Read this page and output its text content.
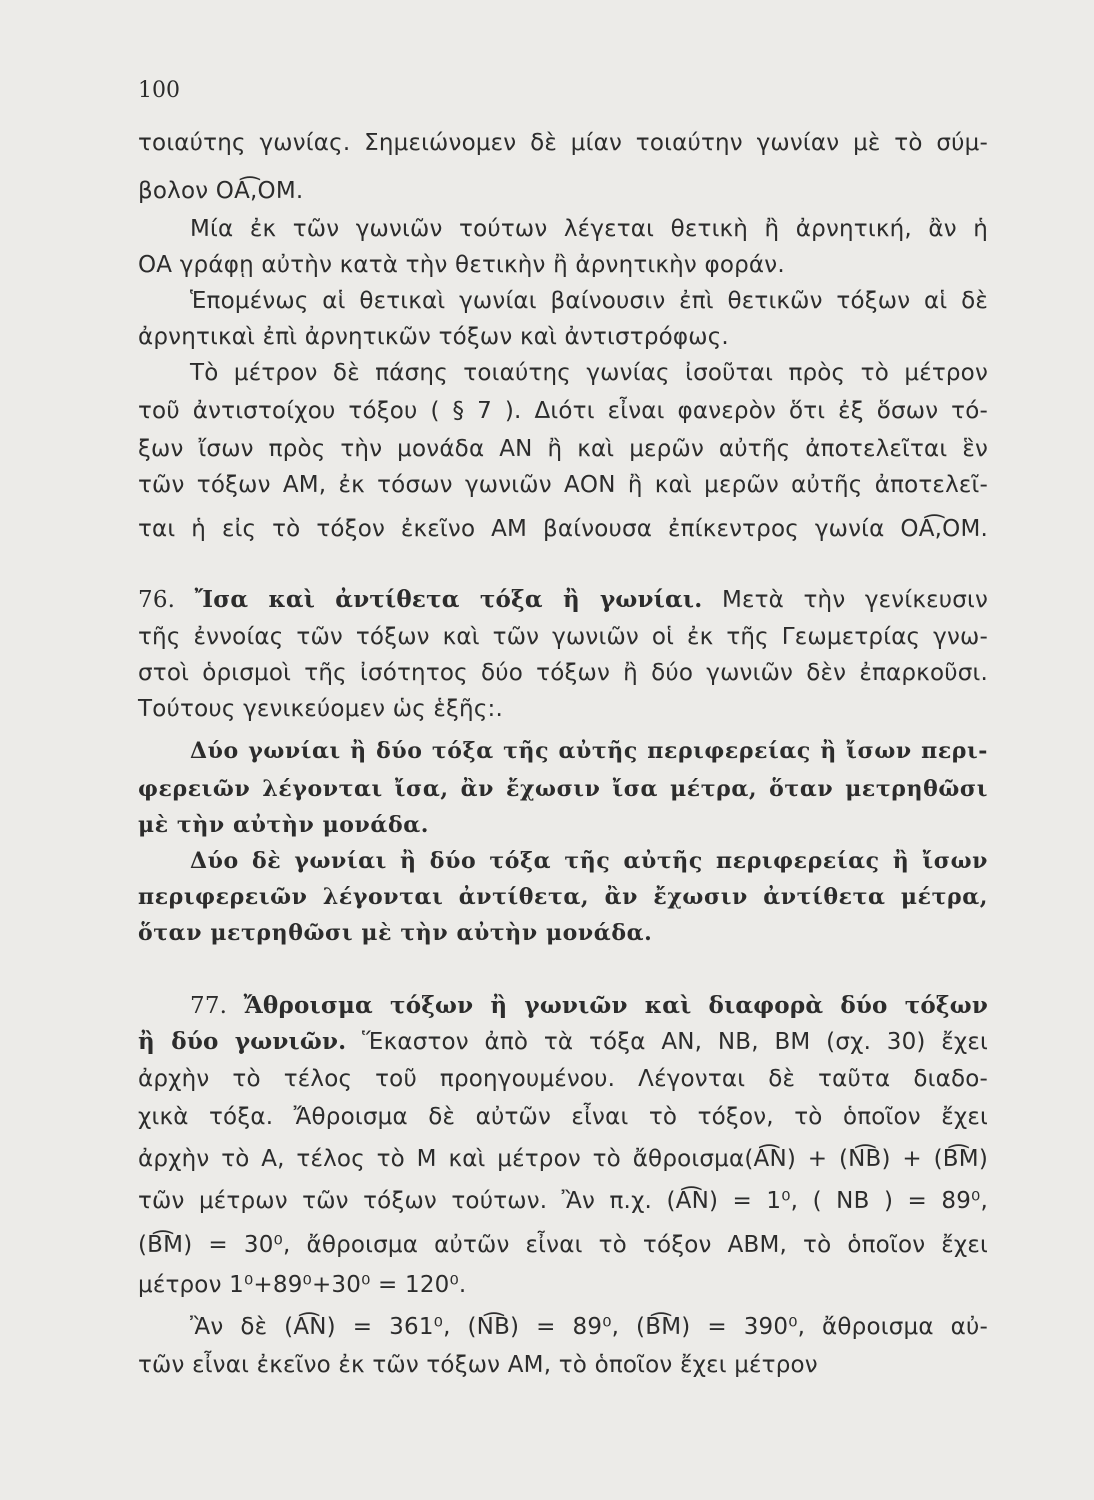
100
τοιαύτης γωνίας. Σημειώνομεν δὲ μίαν τοιαύτην γωνίαν μὲ τὸ σύμ-
βολον ΟΑ͡,ΟΜ.
Μία ἐκ τῶν γωνιῶν τούτων λέγεται θετικὴ ἢ ἀρνητική, ἂν ἡ
ΟΑ γράφῃ αὐτὴν κατὰ τὴν θετικὴν ἢ ἀρνητικὴν φοράν.
Ἑπομένως αἱ θετικαὶ γωνίαι βαίνουσιν ἐπὶ θετικῶν τόξων αἱ δὲ
ἀρνητικαὶ ἐπὶ ἀρνητικῶν τόξων καὶ ἀντιστρόφως.
Τὸ μέτρον δὲ πάσης τοιαύτης γωνίας ἰσοῦται πρὸς τὸ μέτρον
τοῦ ἀντιστοίχου τόξου ( § 7 ). Διότι εἶναι φανερὸν ὅτι ἐξ ὅσων τό-
ξων ἴσων πρὸς τὴν μονάδα ΑΝ ἢ καὶ μερῶν αὐτῆς ἀποτελεῖται ἓν
τῶν τόξων ΑΜ, ἐκ τόσων γωνιῶν ΑΟΝ ἢ καὶ μερῶν αὐτῆς ἀποτελεῖ-
ται ἡ εἰς τὸ τόξον ἐκεῖνο ΑΜ βαίνουσα ἐπίκεντρος γωνία ΟΑ͡,ΟΜ.
76. Ἴσα καὶ ἀντίθετα τόξα ἢ γωνίαι. Μετὰ τὴν γενίκευσιν
τῆς ἐννοίας τῶν τόξων καὶ τῶν γωνιῶν οἱ ἐκ τῆς Γεωμετρίας γνω-
στοὶ ὁρισμοὶ τῆς ἰσότητος δύο τόξων ἢ δύο γωνιῶν δὲν ἐπαρκοῦσι.
Τούτους γενικεύομεν ὡς ἑξῆς:.
Δύο γωνίαι ἢ δύο τόξα τῆς αὐτῆς περιφερείας ἢ ἴσων περι-
φερειῶν λέγονται ἴσα, ἂν ἔχωσιν ἴσα μέτρα, ὅταν μετρηθῶσι
μὲ τὴν αὐτὴν μονάδα.
Δύο δὲ γωνίαι ἢ δύο τόξα τῆς αὐτῆς περιφερείας ἢ ἴσων
περιφερειῶν λέγονται ἀντίθετα, ἂν ἔχωσιν ἀντίθετα μέτρα,
ὅταν μετρηθῶσι μὲ τὴν αὐτὴν μονάδα.
77. Ἄθροισμα τόξων ἢ γωνιῶν καὶ διαφορὰ δύο τόξων
ἢ δύο γωνιῶν. Ἕκαστον ἀπὸ τὰ τόξα ΑΝ, ΝΒ, ΒΜ (σχ. 30) ἔχει
ἀρχὴν τὸ τέλος τοῦ προηγουμένου. Λέγονται δὲ ταῦτα διαδο-
χικὰ τόξα. Ἄθροισμα δὲ αὐτῶν εἶναι τὸ τόξον, τὸ ὁποῖον ἔχει
ἀρχὴν τὸ Α, τέλος τὸ Μ καὶ μέτρον τὸ ἄθροισμα(Α͡Ν) + (Ν͡Β) + (Β͡Μ)
τῶν μέτρων τῶν τόξων τούτων. Ἂν π.χ. (Α͡Ν) = 1⁰, ( ΝΒ ) = 89⁰,
(Β͡Μ) = 30⁰, ἄθροισμα αὐτῶν εἶναι τὸ τόξον ΑΒΜ, τὸ ὁποῖον ἔχει
μέτρον 1⁰+89⁰+30⁰ = 120⁰.
Ἂν δὲ (Α͡Ν) = 361⁰, (Ν͡Β) = 89⁰, (Β͡Μ) = 390⁰, ἄθροισμα αὐ-
τῶν εἶναι ἐκεῖνο ἐκ τῶν τόξων ΑΜ, τὸ ὁποῖον ἔχει μέτρον
